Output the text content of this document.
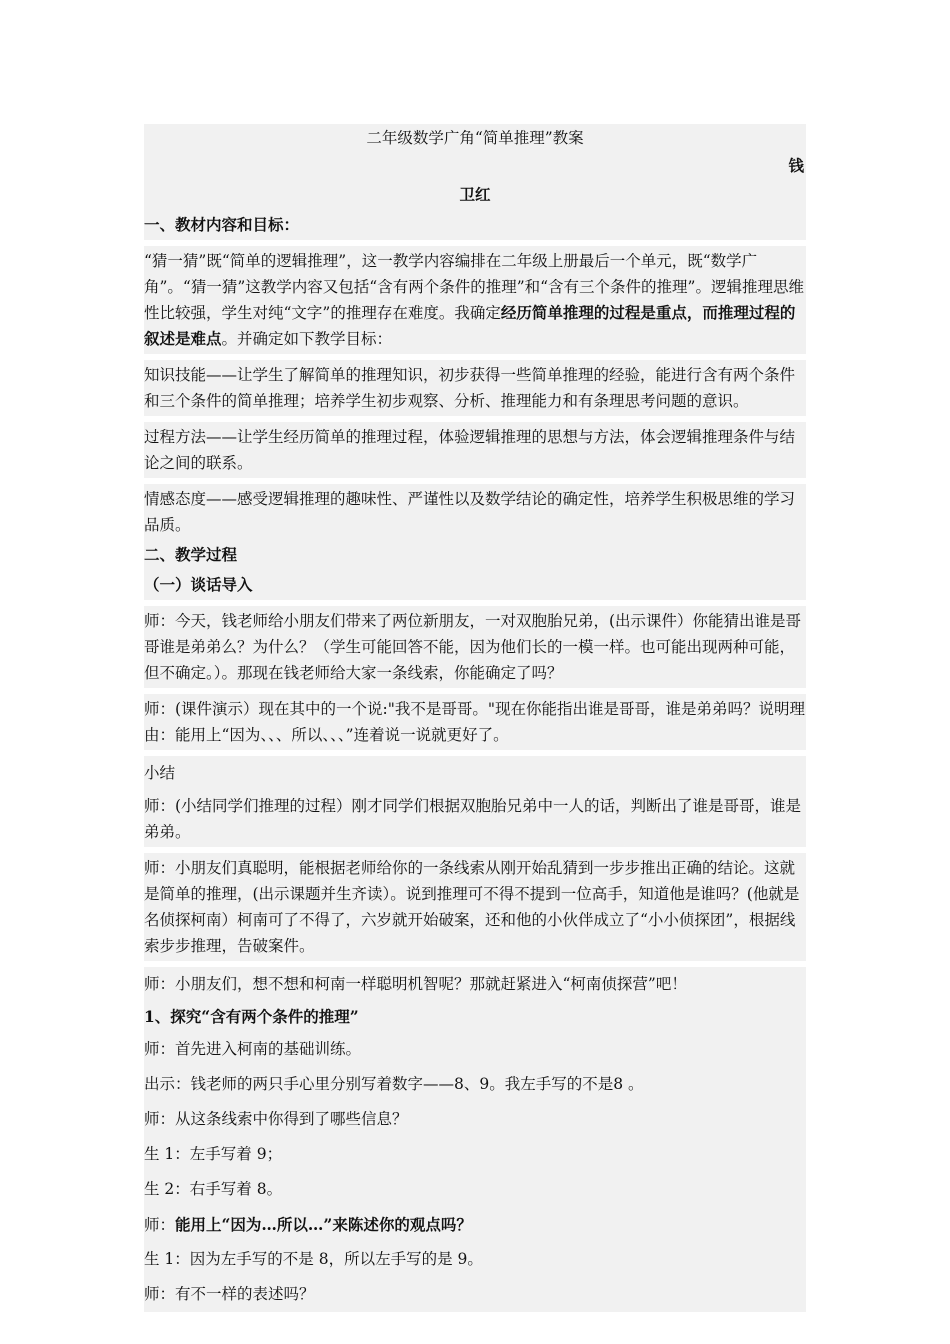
二年级数学广角“简单推理”教案
钱
卫红
一、教材内容和目标：
“猜一猜”既“简单的逻辑推理”，这一教学内容编排在二年级上册最后一个单元，既“数学广角”。“猜一猜”这教学内容又包括“含有两个条件的推理”和“含有三个条件的推理”。逻辑推理思维性比较强，学生对纯“文字”的推理存在难度。我确定经历简单推理的过程是重点，而推理过程的叙述是难点。并确定如下教学目标：
知识技能——让学生了解简单的推理知识，初步获得一些简单推理的经验，能进行含有两个条件和三个条件的简单推理；培养学生初步观察、分析、推理能力和有条理思考问题的意识。
过程方法——让学生经历简单的推理过程，体验逻辑推理的思想与方法，体会逻辑推理条件与结论之间的联系。
情感态度——感受逻辑推理的趣味性、严谨性以及数学结论的确定性，培养学生积极思维的学习品质。
二、教学过程
（一）谈话导入
师：今天，钱老师给小朋友们带来了两位新朋友，一对双胞胎兄弟，(出示课件）你能猜出谁是哥哥谁是弟弟么？为什么？（学生可能回答不能，因为他们长的一模一样。也可能出现两种可能，但不确定。）。那现在钱老师给大家一条线索，你能确定了吗？
师：(课件演示）现在其中的一个说:"我不是哥哥。"现在你能指出谁是哥哥，谁是弟弟吗？说明理由：能用上“因为、、、所以、、、”连着说一说就更好了。
小结
师：(小结同学们推理的过程）刚才同学们根据双胞胎兄弟中一人的话，判断出了谁是哥哥，谁是弟弟。
师：小朋友们真聪明，能根据老师给你的一条线索从刚开始乱猜到一步步推出正确的结论。这就是简单的推理，(出示课题并生齐读）。说到推理可不得不提到一位高手，知道他是谁吗？(他就是名侦探柯南）柯南可了不得了，六岁就开始破案，还和他的小伙伴成立了“小小侦探团”，根据线索步步推理，告破案件。
师：小朋友们，想不想和柯南一样聪明机智呢？那就赶紧进入“柯南侦探营”吧！
1、探究“含有两个条件的推理”
师：首先进入柯南的基础训练。
出示：钱老师的两只手心里分别写着数字——8、9。我左手写的不是8 。
师：从这条线索中你得到了哪些信息？
生 1：左手写着 9；
生 2：右手写着 8。
师：能用上“因为…所以…”来陈述你的观点吗？
生 1：因为左手写的不是 8，所以左手写的是 9。
师：有不一样的表述吗？
